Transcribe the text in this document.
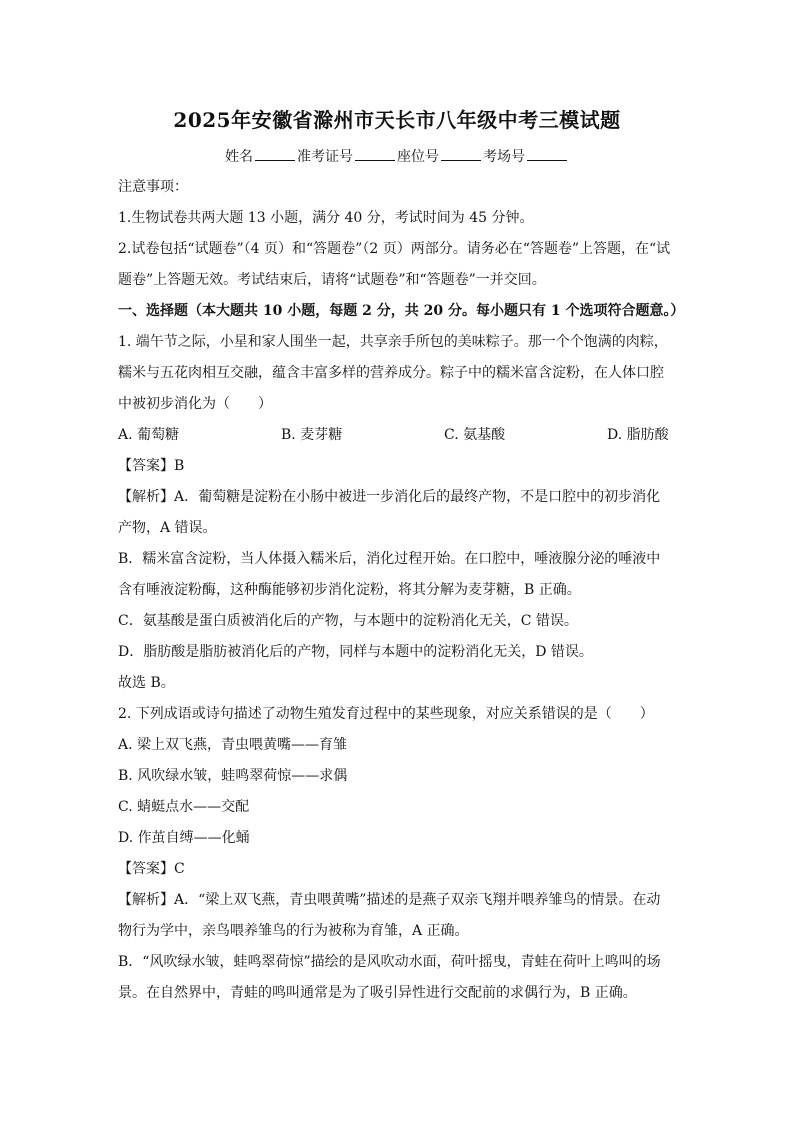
2025年安徽省滁州市天长市八年级中考三模试题
姓名	准考证号	座位号	考场号
注意事项：
1.生物试卷共两大题 13 小题，满分 40 分，考试时间为 45 分钟。
2.试卷包括“试题卷”（4 页）和“答题卷”（2 页）两部分。请务必在“答题卷”上答题，在“试
题卷”上答题无效。考试结束后，请将“试题卷”和“答题卷”一并交回。
一、选择题（本大题共 10 小题，每题 2 分，共 20 分。每小题只有 1 个选项符合题意。）
1. 端午节之际，小星和家人围坐一起，共享亲手所包的美味粽子。那一个个饱满的肉粽，
糯米与五花肉相互交融，蕴含丰富多样的营养成分。粽子中的糯米富含淀粉，在人体口腔
中被初步消化为（　　）
A. 葡萄糖	B. 麦芽糖	C. 氨基酸	D. 脂肪酸
【答案】B
【解析】A．葡萄糖是淀粉在小肠中被进一步消化后的最终产物，不是口腔中的初步消化
产物，A 错误。
B．糯米富含淀粉，当人体摄入糯米后，消化过程开始。在口腔中，唾液腺分泌的唾液中
含有唾液淀粉酶，这种酶能够初步消化淀粉，将其分解为麦芽糖，B 正确。
C．氨基酸是蛋白质被消化后的产物，与本题中的淀粉消化无关，C 错误。
D．脂肪酸是脂肪被消化后的产物，同样与本题中的淀粉消化无关，D 错误。
故选 B。
2. 下列成语或诗句描述了动物生殖发育过程中的某些现象，对应关系错误的是（　　）
A. 梁上双飞燕，青虫喂黄嘴——育雏
B. 风吹绿水皱，蛙鸣翠荷惊——求偶
C. 蜻蜓点水——交配
D. 作茧自缚——化蛹
【答案】C
【解析】A．“梁上双飞燕，青虫喂黄嘴”描述的是燕子双亲飞翔并喂养雏鸟的情景。在动
物行为学中，亲鸟喂养雏鸟的行为被称为育雏，A 正确。
B．“风吹绿水皱，蛙鸣翠荷惊”描绘的是风吹动水面，荷叶摇曳，青蛙在荷叶上鸣叫的场
景。在自然界中，青蛙的鸣叫通常是为了吸引异性进行交配前的求偶行为，B 正确。
